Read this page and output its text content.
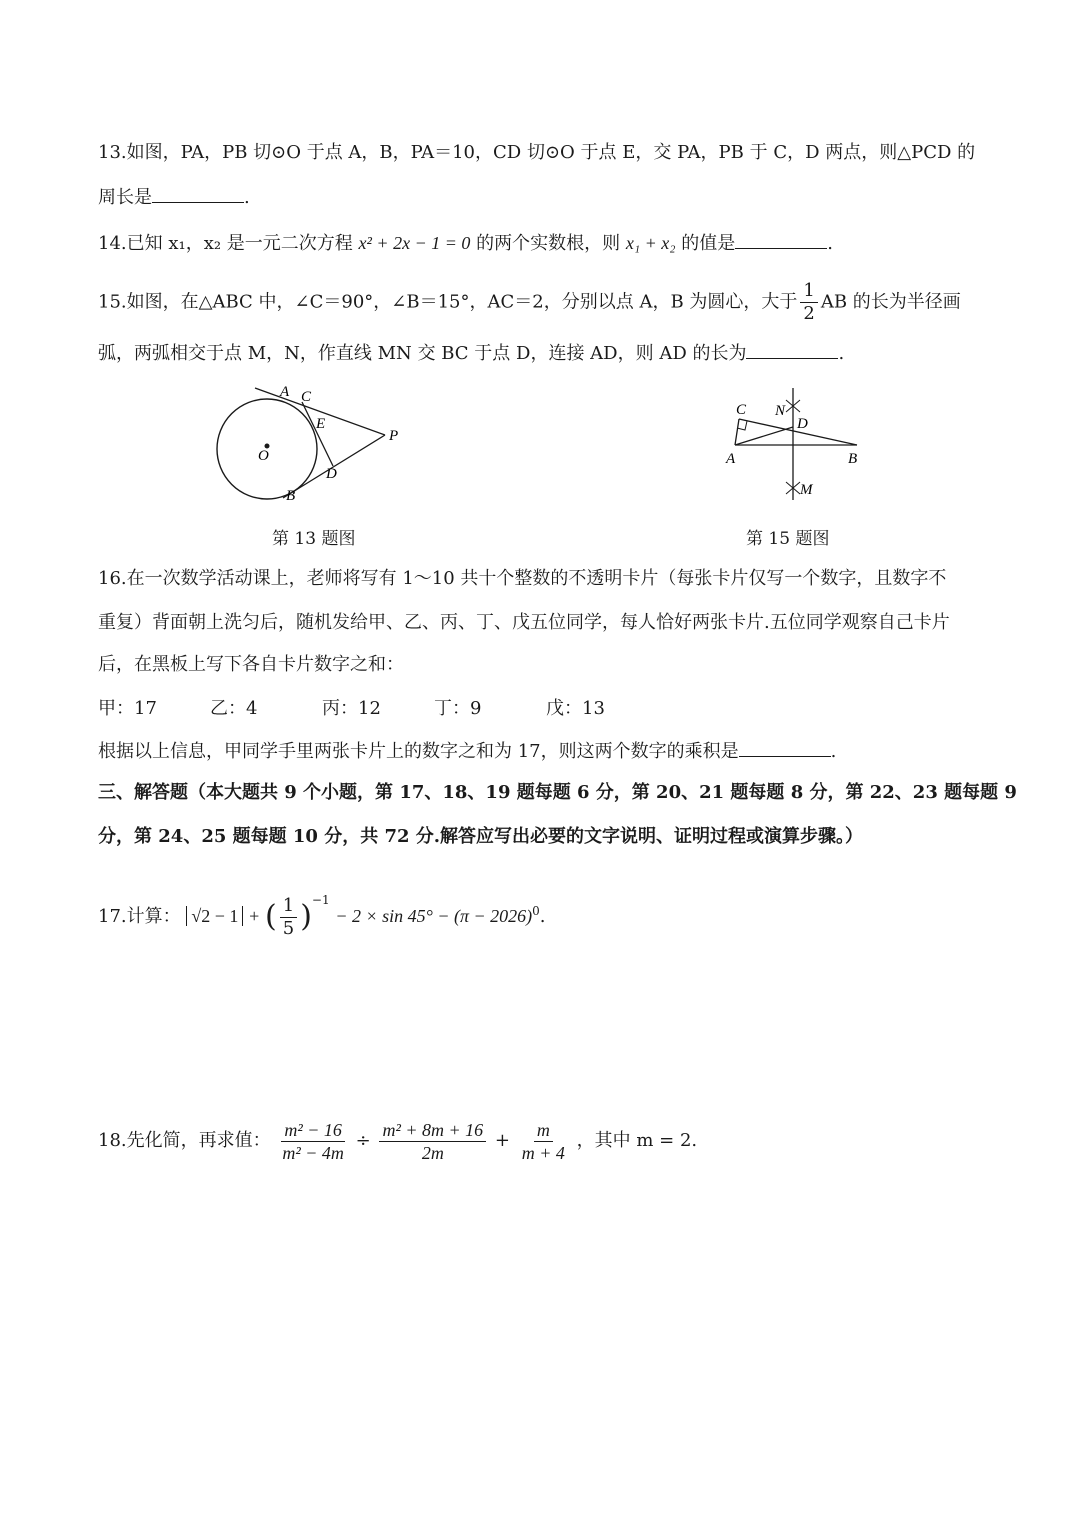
13.如图，PA，PB 切⊙O 于点 A，B，PA＝10，CD 切⊙O 于点 E，交 PA，PB 于 C，D 两点，则△PCD 的
周长是	.
14.已知 x₁，x₂ 是一元二次方程 x² + 2x − 1 = 0 的两个实数根，则 x₁ + x₂ 的值是	.
15.如图，在△ABC 中，∠C＝90°，∠B＝15°，AC＝2，分别以点 A，B 为圆心，大于 $\frac{1}{2}$ AB 的长为半径画
弧，两弧相交于点 M，N，作直线 MN 交 BC 于点 D，连接 AD，则 AD 的长为	.
A C
E
P
O
D
B
第 13 题图
C N
D
A	B
M
第 15 题图
16.在一次数学活动课上，老师将写有 1～10 共十个整数的不透明卡片（每张卡片仅写一个数字，且数字不
重复）背面朝上洗匀后，随机发给甲、乙、丙、丁、戊五位同学，每人恰好两张卡片.五位同学观察自己卡片
后，在黑板上写下各自卡片数字之和：
甲：17	乙：4	丙：12	丁：9	戊：13
根据以上信息，甲同学手里两张卡片上的数字之和为 17，则这两个数字的乘积是	.
三、解答题（本大题共 9 个小题，第 17、18、19 题每题 6 分，第 20、21 题每题 8 分，第 22、23 题每题 9
分，第 24、25 题每题 10 分，共 72 分.解答应写出必要的文字说明、证明过程或演算步骤。）
17.计算： √2 − 1 + ( $\frac{1}{5} )^{-1} - 2 \times \sin 45^\circ - (\pi - 2026)^0$.
18.先化简，再求值： $\frac{\text{m² − 16}}{\text{m² − 4m}} \div \frac{\text{m² + 8m + 16}}{2m} + \frac{m}{m + 4}$ ，其中 m = 2.
